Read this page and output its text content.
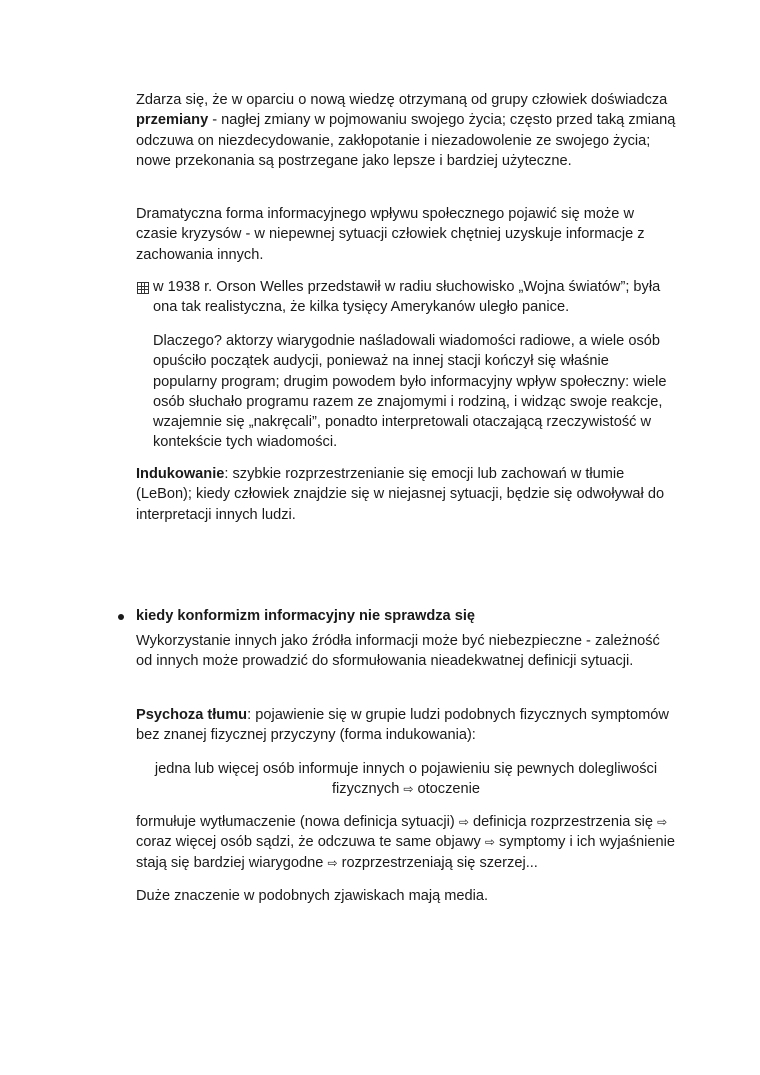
Zdarza się, że w oparciu o nową wiedzę otrzymaną od grupy człowiek doświadcza przemiany - nagłej zmiany w pojmowaniu swojego życia; często przed taką zmianą odczuwa on niezdecydowanie, zakłopotanie i niezadowolenie ze swojego życia; nowe przekonania są postrzegane jako lepsze i bardziej użyteczne.

Dramatyczna forma informacyjnego wpływu społecznego pojawić się może w czasie kryzysów - w niepewnej sytuacji człowiek chętniej uzyskuje informacje z zachowania innych.

w 1938 r. Orson Welles przedstawił w radiu słuchowisko „Wojna światów”; była ona tak realistyczna, że kilka tysięcy Amerykanów uległo panice.

Dlaczego? aktorzy wiarygodnie naśladowali wiadomości radiowe, a wiele osób opuściło początek audycji, ponieważ na innej stacji kończył się właśnie popularny program; drugim powodem było informacyjny wpływ społeczny: wiele osób słuchało programu razem ze znajomymi i rodziną, i widząc swoje reakcje, wzajemnie się „nakręcali”, ponadto interpretowali otaczającą rzeczywistość w kontekście tych wiadomości.

Indukowanie: szybkie rozprzestrzenianie się emocji lub zachowań w tłumie (LeBon); kiedy człowiek znajdzie się w niejasnej sytuacji, będzie się odwoływał do interpretacji innych ludzi.

kiedy konformizm informacyjny nie sprawdza się

Wykorzystanie innych jako źródła informacji może być niebezpieczne - zależność od innych może prowadzić do sformułowania nieadekwatnej definicji sytuacji.

Psychoza tłumu: pojawienie się w grupie ludzi podobnych fizycznych symptomów bez znanej fizycznej przyczyny (forma indukowania):

jedna lub więcej osób informuje innych o pojawieniu się pewnych dolegliwości fizycznych ⇨ otoczenie

formułuje wytłumaczenie (nowa definicja sytuacji) ⇨ definicja rozprzestrzenia się ⇨ coraz więcej osób sądzi, że odczuwa te same objawy ⇨ symptomy i ich wyjaśnienie stają się bardziej wiarygodne ⇨ rozprzestrzeniają się szerzej...

Duże znaczenie w podobnych zjawiskach mają media.
